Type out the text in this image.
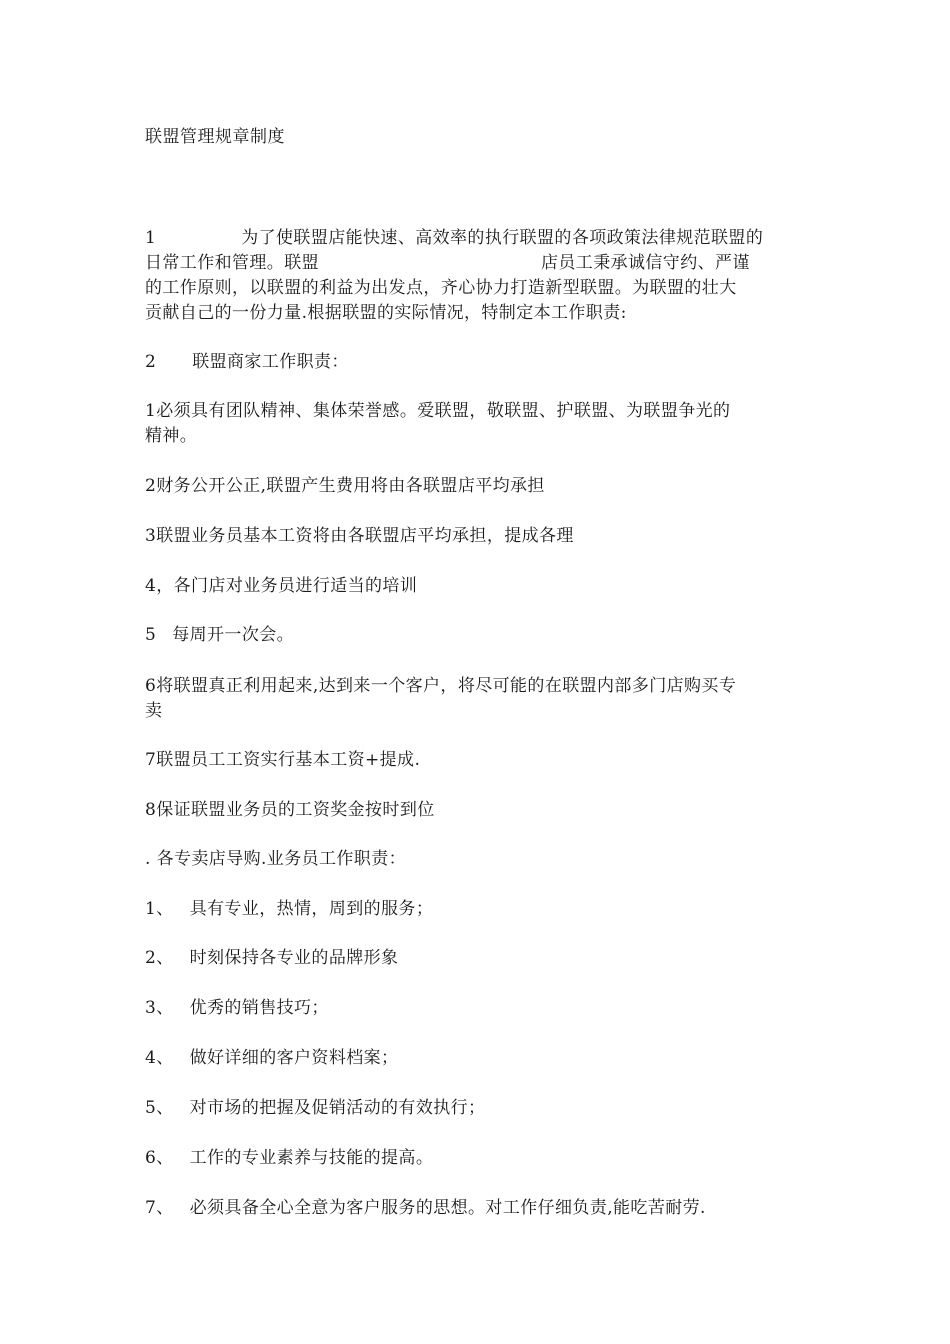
联盟管理规章制度
1	为了使联盟店能快速、高效率的执行联盟的各项政策法律规范联盟的
日常工作和管理。联盟	店员工秉承诚信守约、严谨
的工作原则，以联盟的利益为出发点，齐心协力打造新型联盟。为联盟的壮大
贡献自己的一份力量.根据联盟的实际情况，特制定本工作职责:
2 联盟商家工作职责：
1必须具有团队精神、集体荣誉感。爱联盟，敬联盟、护联盟、为联盟争光的
精神。
2财务公开公正,联盟产生费用将由各联盟店平均承担
3联盟业务员基本工资将由各联盟店平均承担，提成各理
4，各门店对业务员进行适当的培训
5 每周开一次会。
6将联盟真正利用起来,达到来一个客户，将尽可能的在联盟内部多门店购买专
卖
7联盟员工工资实行基本工资+提成.
8保证联盟业务员的工资奖金按时到位
. 各专卖店导购.业务员工作职责：
1、 具有专业，热情，周到的服务；
2、 时刻保持各专业的品牌形象
3、 优秀的销售技巧；
4、 做好详细的客户资料档案；
5、 对市场的把握及促销活动的有效执行；
6、 工作的专业素养与技能的提高。
7、 必须具备全心全意为客户服务的思想。对工作仔细负责,能吃苦耐劳.
